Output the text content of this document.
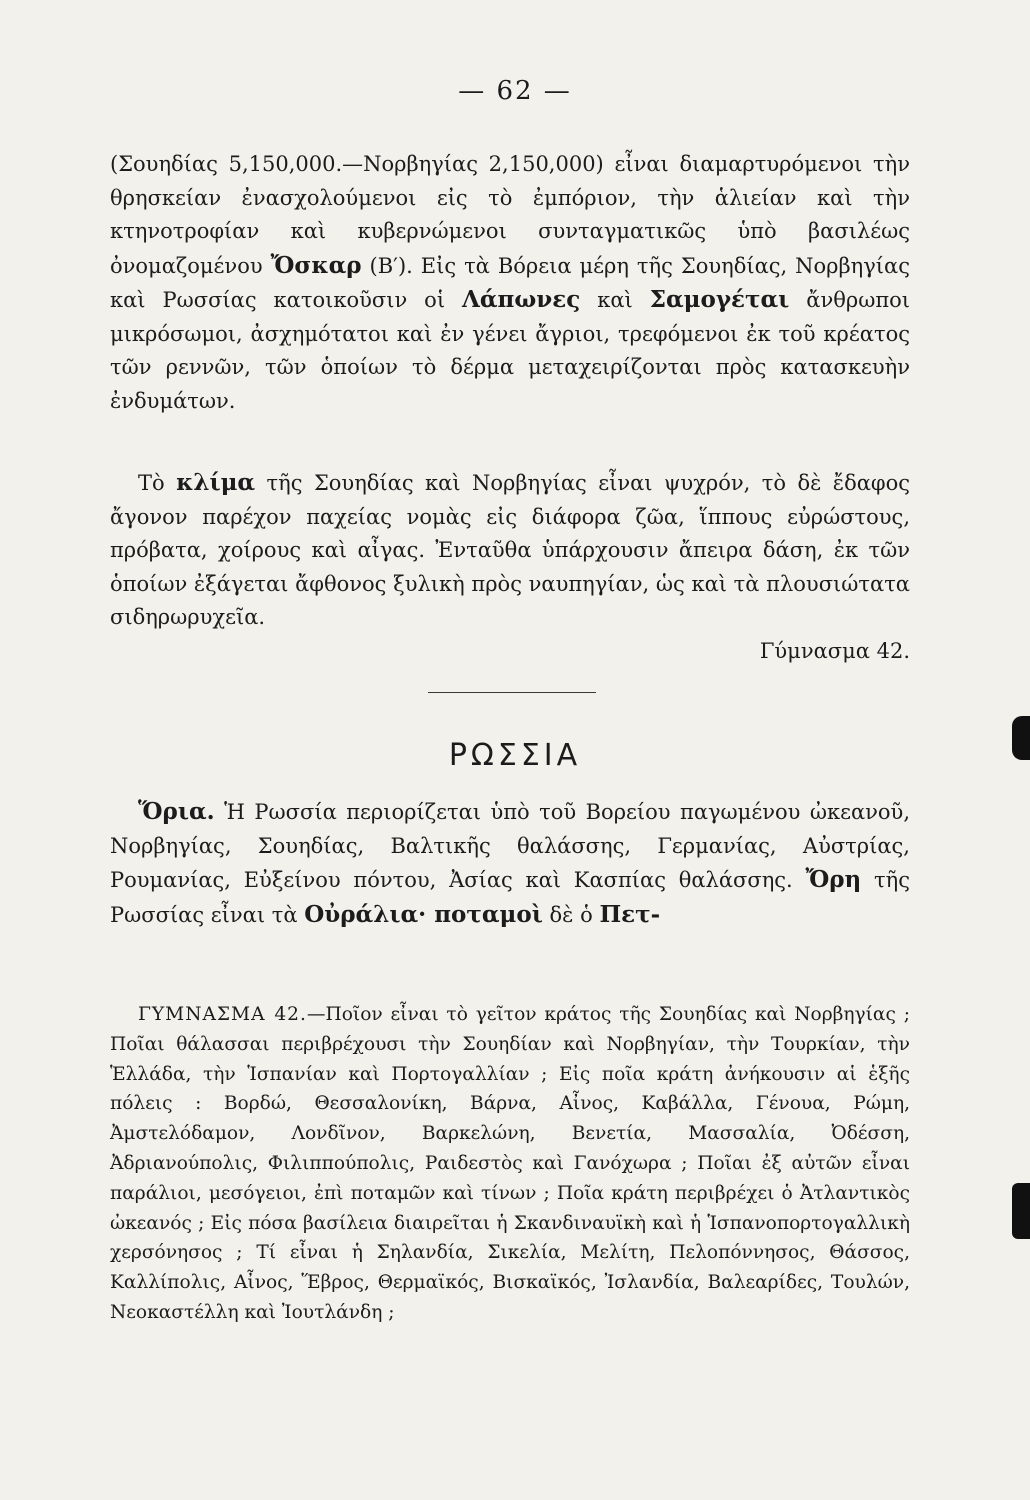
— 62 —
(Σουηδίας 5,150,000.—Νορβηγίας 2,150,000) εἶναι διαμαρτυρόμενοι τὴν θρησκείαν ἐνασχολούμενοι εἰς τὸ ἐμπόριον, τὴν ἁλιείαν καὶ τὴν κτηνοτροφίαν καὶ κυβερνώμενοι συνταγματικῶς ὑπὸ βασιλέως ὀνομαζομένου Ὄσκαρ (Β′). Εἰς τὰ Βόρεια μέρη τῆς Σουηδίας, Νορβηγίας καὶ Ρωσσίας κατοικοῦσιν οἱ Λάπωνες καὶ Σαμογέται ἄνθρωποι μικρόσωμοι, ἀσχημότατοι καὶ ἐν γένει ἄγριοι, τρεφόμενοι ἐκ τοῦ κρέατος τῶν ρεννῶν, τῶν ὁποίων τὸ δέρμα μεταχειρίζονται πρὸς κατασκευὴν ἐνδυμάτων.
Τὸ κλίμα τῆς Σουηδίας καὶ Νορβηγίας εἶναι ψυχρόν, τὸ δὲ ἔδαφος ἄγονον παρέχον παχείας νομὰς εἰς διάφορα ζῶα, ἵππους εὐρώστους, πρόβατα, χοίρους καὶ αἶγας. Ἐνταῦθα ὑπάρχουσιν ἄπειρα δάση, ἐκ τῶν ὁποίων ἐξάγεται ἄφθονος ξυλικὴ πρὸς ναυπηγίαν, ὡς καὶ τὰ πλουσιώτατα σιδηρωρυχεῖα.
Γύμνασμα 42.
ΡΩΣΣΙΑ
Ὅρια. Ἡ Ρωσσία περιορίζεται ὑπὸ τοῦ Βορείου παγωμένου ὠκεανοῦ, Νορβηγίας, Σουηδίας, Βαλτικῆς θαλάσσης, Γερμανίας, Αὐστρίας, Ρουμανίας, Εὐξείνου πόντου, Ἀσίας καὶ Κασπίας θαλάσσης. Ὄρη τῆς Ρωσσίας εἶναι τὰ Οὐράλια· ποταμοὶ δὲ ὁ Πετ-
ΓΥΜΝΑΣΜΑ 42.—Ποῖον εἶναι τὸ γεῖτον κράτος τῆς Σουηδίας καὶ Νορβηγίας ; Ποῖαι θάλασσαι περιβρέχουσι τὴν Σουηδίαν καὶ Νορβηγίαν, τὴν Τουρκίαν, τὴν Ἑλλάδα, τὴν Ἱσπανίαν καὶ Πορτογαλλίαν ; Εἰς ποῖα κράτη ἀνήκουσιν αἱ ἑξῆς πόλεις : Βορδώ, Θεσσαλονίκη, Βάρνα, Αἶνος, Καβάλλα, Γένουα, Ρώμη, Ἀμστελόδαμον, Λονδῖνον, Βαρκελώνη, Βενετία, Μασσαλία, Ὀδέσση, Ἀδριανούπολις, Φιλιππούπολις, Ραιδεστὸς καὶ Γανόχωρα ; Ποῖαι ἐξ αὐτῶν εἶναι παράλιοι, μεσόγειοι, ἐπὶ ποταμῶν καὶ τίνων ; Ποῖα κράτη περιβρέχει ὁ Ἀτλαντικὸς ὠκεανός ; Εἰς πόσα βασίλεια διαιρεῖται ἡ Σκανδιναυϊκὴ καὶ ἡ Ἱσπανοπορτογαλλικὴ χερσόνησος ; Τί εἶναι ἡ Σηλανδία, Σικελία, Μελίτη, Πελοπόννησος, Θάσσος, Καλλίπολις, Αἶνος, Ἕβρος, Θερμαϊκός, Βισκαϊκός, Ἰσλανδία, Βαλεαρίδες, Τουλών, Νεοκαστέλλη καὶ Ἰουτλάνδη ;
